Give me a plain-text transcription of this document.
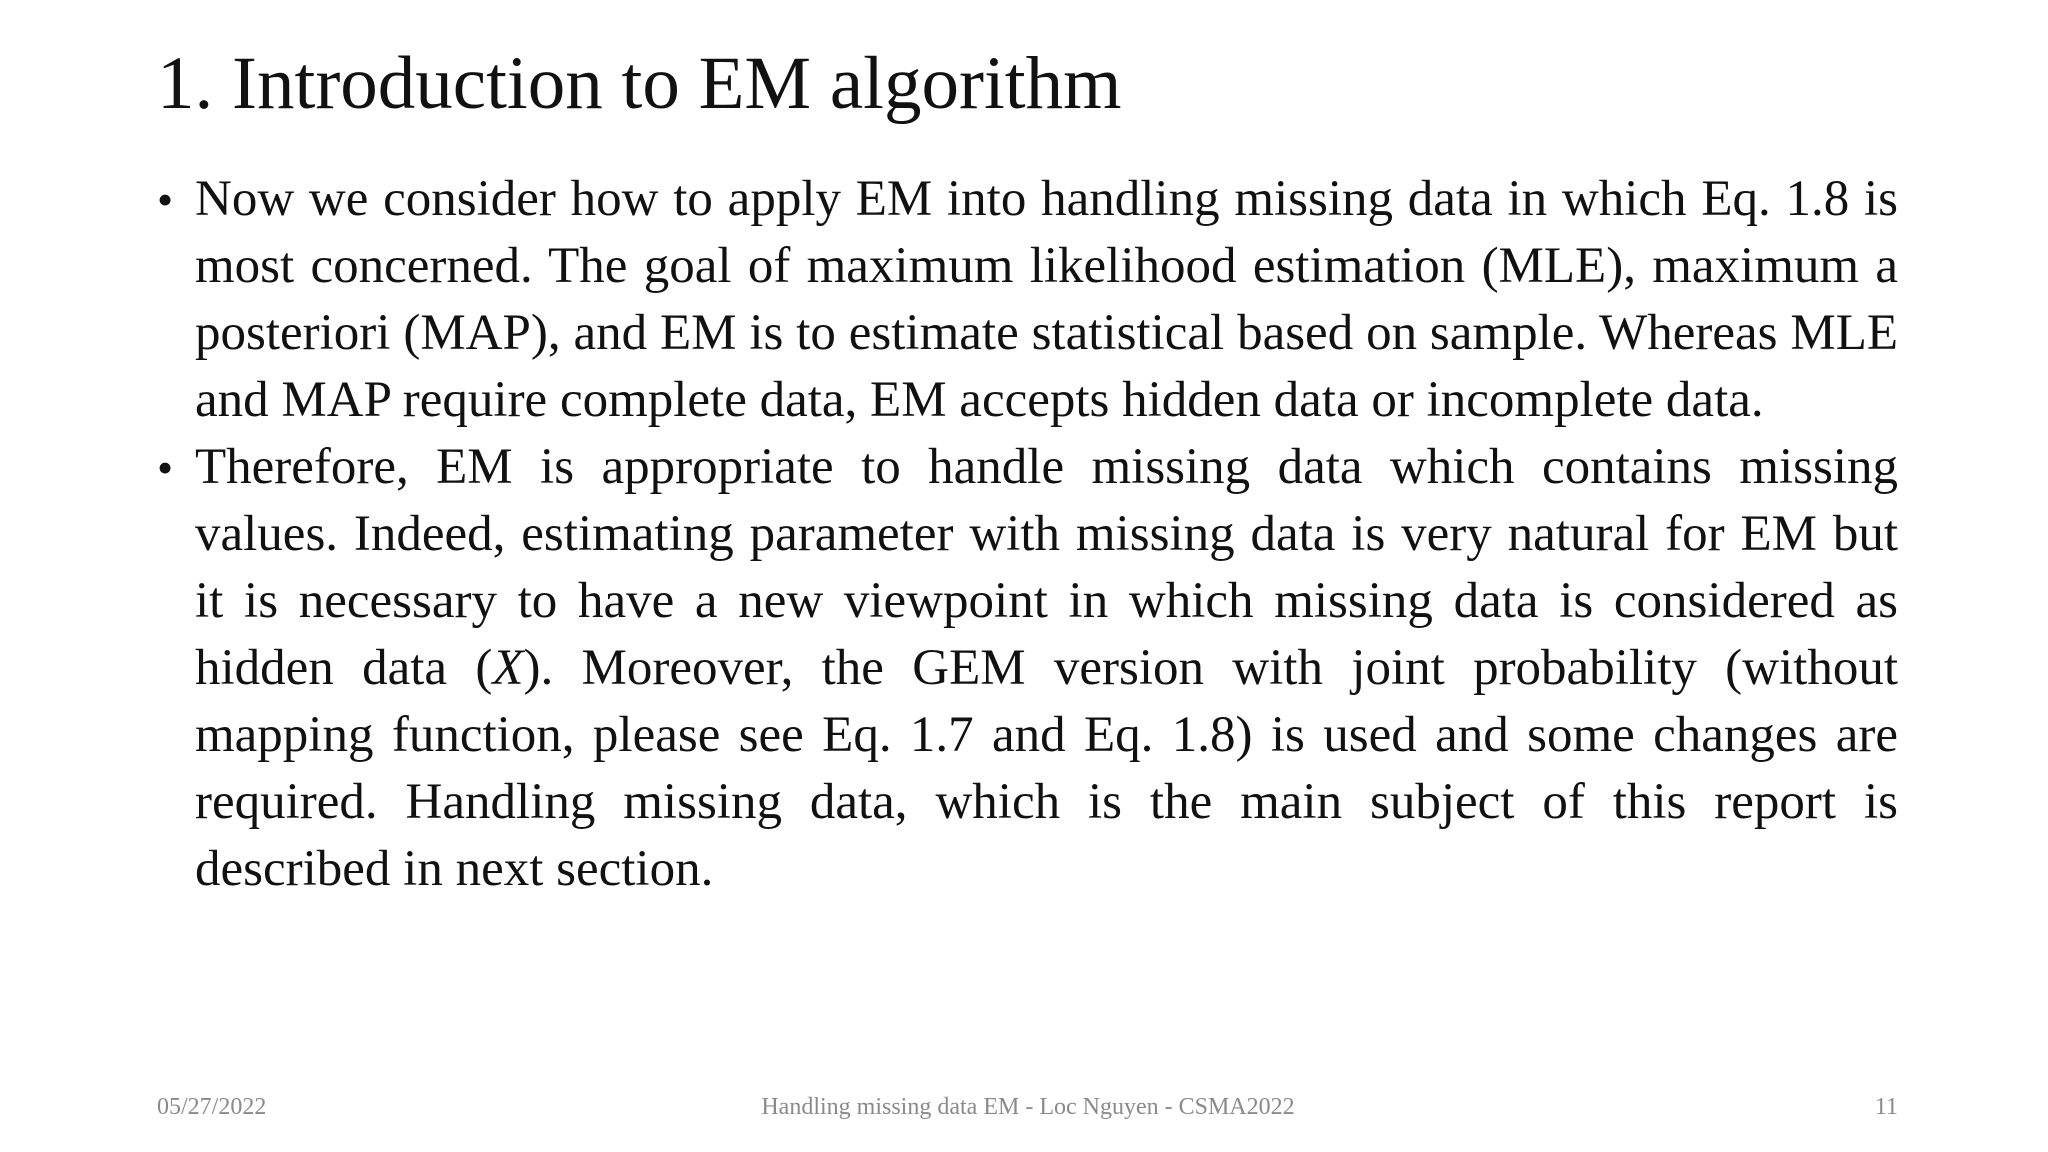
1. Introduction to EM algorithm
• Now we consider how to apply EM into handling missing data in which Eq. 1.8 is most concerned. The goal of maximum likelihood estimation (MLE), maximum a posteriori (MAP), and EM is to estimate statistical based on sample. Whereas MLE and MAP require complete data, EM accepts hidden data or incomplete data.
• Therefore, EM is appropriate to handle missing data which contains missing values. Indeed, estimating parameter with missing data is very natural for EM but it is necessary to have a new viewpoint in which missing data is considered as hidden data (X). Moreover, the GEM version with joint probability (without mapping function, please see Eq. 1.7 and Eq. 1.8) is used and some changes are required. Handling missing data, which is the main subject of this report is described in next section.
05/27/2022	Handling missing data EM - Loc Nguyen - CSMA2022	11
